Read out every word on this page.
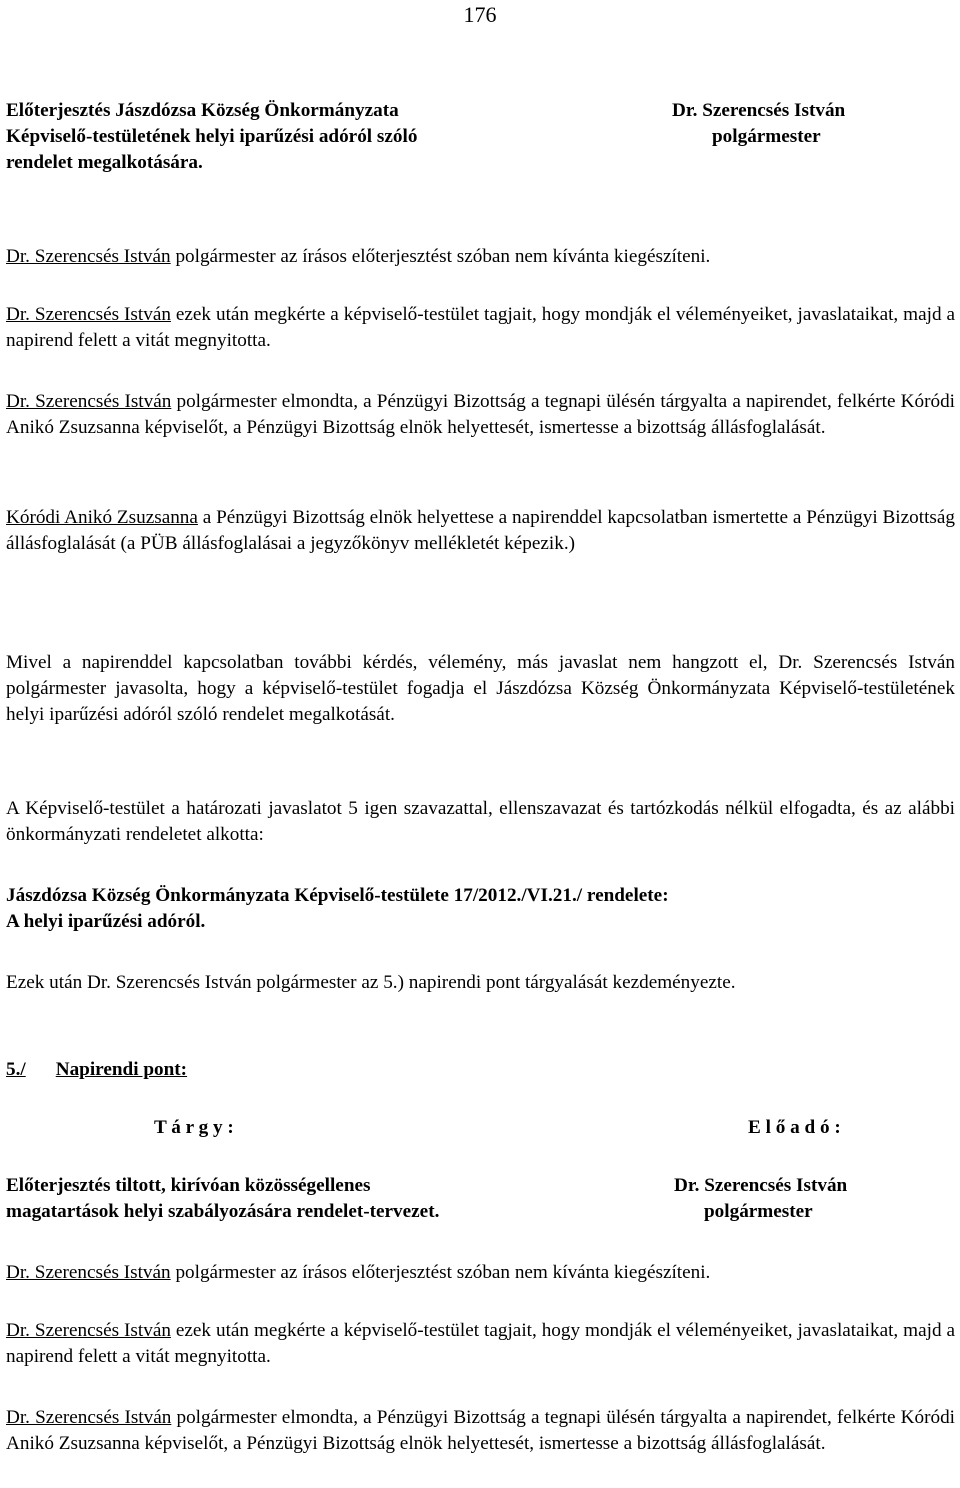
176
Előterjesztés Jászdózsa Község Önkormányzata
Képviselő-testületének helyi iparűzési adóról szóló
rendelet megalkotására.
Dr. Szerencsés István
polgármester
Dr. Szerencsés István polgármester az írásos előterjesztést szóban nem kívánta kiegészíteni.
Dr. Szerencsés István ezek után megkérte a képviselő-testület tagjait, hogy mondják el véleményeiket, javaslataikat, majd a napirend felett a vitát megnyitotta.
Dr. Szerencsés István polgármester elmondta, a Pénzügyi Bizottság a tegnapi ülésén tárgyalta a napirendet, felkérte Kóródi Anikó Zsuzsanna képviselőt, a Pénzügyi Bizottság elnök helyettesét, ismertesse a bizottság állásfoglalását.
Kóródi Anikó Zsuzsanna a Pénzügyi Bizottság elnök helyettese a napirenddel kapcsolatban ismertette a Pénzügyi Bizottság állásfoglalását (a PÜB állásfoglalásai a jegyzőkönyv mellékletét képezik.)
Mivel a napirenddel kapcsolatban további kérdés, vélemény, más javaslat nem hangzott el, Dr. Szerencsés István polgármester javasolta, hogy a képviselő-testület fogadja el Jászdózsa Község Önkormányzata Képviselő-testületének helyi iparűzési adóról szóló rendelet megalkotását.
A Képviselő-testület a határozati javaslatot 5 igen szavazattal, ellenszavazat és tartózkodás nélkül elfogadta, és az alábbi önkormányzati rendeletet alkotta:
Jászdózsa Község Önkormányzata Képviselő-testülete 17/2012./VI.21./ rendelete:
A helyi iparűzési adóról.
Ezek után Dr. Szerencsés István polgármester az 5.) napirendi pont tárgyalását kezdeményezte.
5./ Napirendi pont:
T á r g y :	E l ő a d ó :
Előterjesztés tiltott, kirívóan közösségellenes
magatartások helyi szabályozására rendelet-tervezet.
Dr. Szerencsés István
polgármester
Dr. Szerencsés István polgármester az írásos előterjesztést szóban nem kívánta kiegészíteni.
Dr. Szerencsés István ezek után megkérte a képviselő-testület tagjait, hogy mondják el véleményeiket, javaslataikat, majd a napirend felett a vitát megnyitotta.
Dr. Szerencsés István polgármester elmondta, a Pénzügyi Bizottság a tegnapi ülésén tárgyalta a napirendet, felkérte Kóródi Anikó Zsuzsanna képviselőt, a Pénzügyi Bizottság elnök helyettesét, ismertesse a bizottság állásfoglalását.
